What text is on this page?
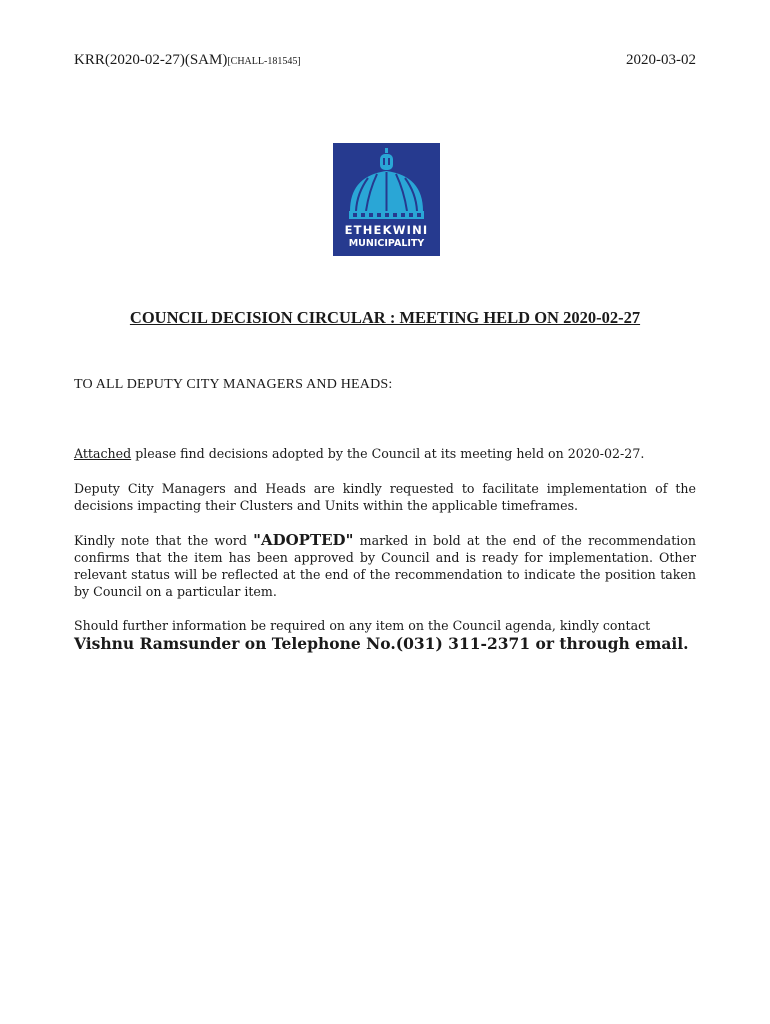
KRR(2020-02-27)(SAM)[CHALL-181545]	2020-03-02
ETHEKWINI
MUNICIPALITY
COUNCIL DECISION CIRCULAR : MEETING HELD ON 2020-02-27
TO ALL DEPUTY CITY MANAGERS AND HEADS:
Attached please find decisions adopted by the Council at its meeting held on 2020-02-27.
Deputy City Managers and Heads are kindly requested to facilitate implementation of the decisions impacting their Clusters and Units within the applicable timeframes.
Kindly note that the word "ADOPTED" marked in bold at the end of the recommendation confirms that the item has been approved by Council and is ready for implementation. Other relevant status will be reflected at the end of the recommendation to indicate the position taken by Council on a particular item.
Should further information be required on any item on the Council agenda, kindly contact
Vishnu Ramsunder on Telephone No.(031) 311-2371 or through email.
